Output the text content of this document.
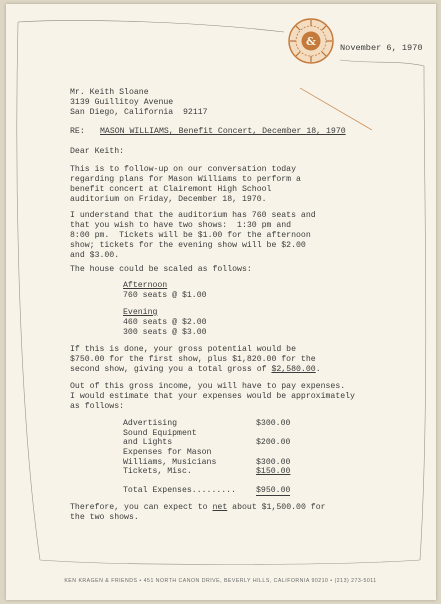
&	November 6, 1970
Mr. Keith Sloane
3139 Guillitoy Avenue
San Diego, California  92117
RE: MASON WILLIAMS, Benefit Concert, December 18, 1970
Dear Keith:
This is to follow-up on our conversation today
regarding plans for Mason Williams to perform a
benefit concert at Clairemont High School
auditorium on Friday, December 18, 1970.
I understand that the auditorium has 760 seats and
that you wish to have two shows:  1:30 pm and
8:00 pm.  Tickets will be $1.00 for the afternoon
show; tickets for the evening show will be $2.00
and $3.00.
The house could be scaled as follows:
Afternoon
760 seats @ $1.00
Evening
460 seats @ $2.00
300 seats @ $3.00
If this is done, your gross potential would be
$750.00 for the first show, plus $1,820.00 for the
second show, giving you a total gross of $2,580.00.
Out of this gross income, you will have to pay expenses.
I would estimate that your expenses would be approximately
as follows:
Advertising	$300.00
Sound Equipment
and Lights	$200.00
Expenses for Mason
Williams, Musicians	$300.00
Tickets, Misc.	$150.00
Total Expenses......... $950.00
Therefore, you can expect to net about $1,500.00 for
the two shows.
KEN KRAGEN & FRIENDS • 451 NORTH CANON DRIVE, BEVERLY HILLS, CALIFORNIA 90210 • (213) 273-5011
